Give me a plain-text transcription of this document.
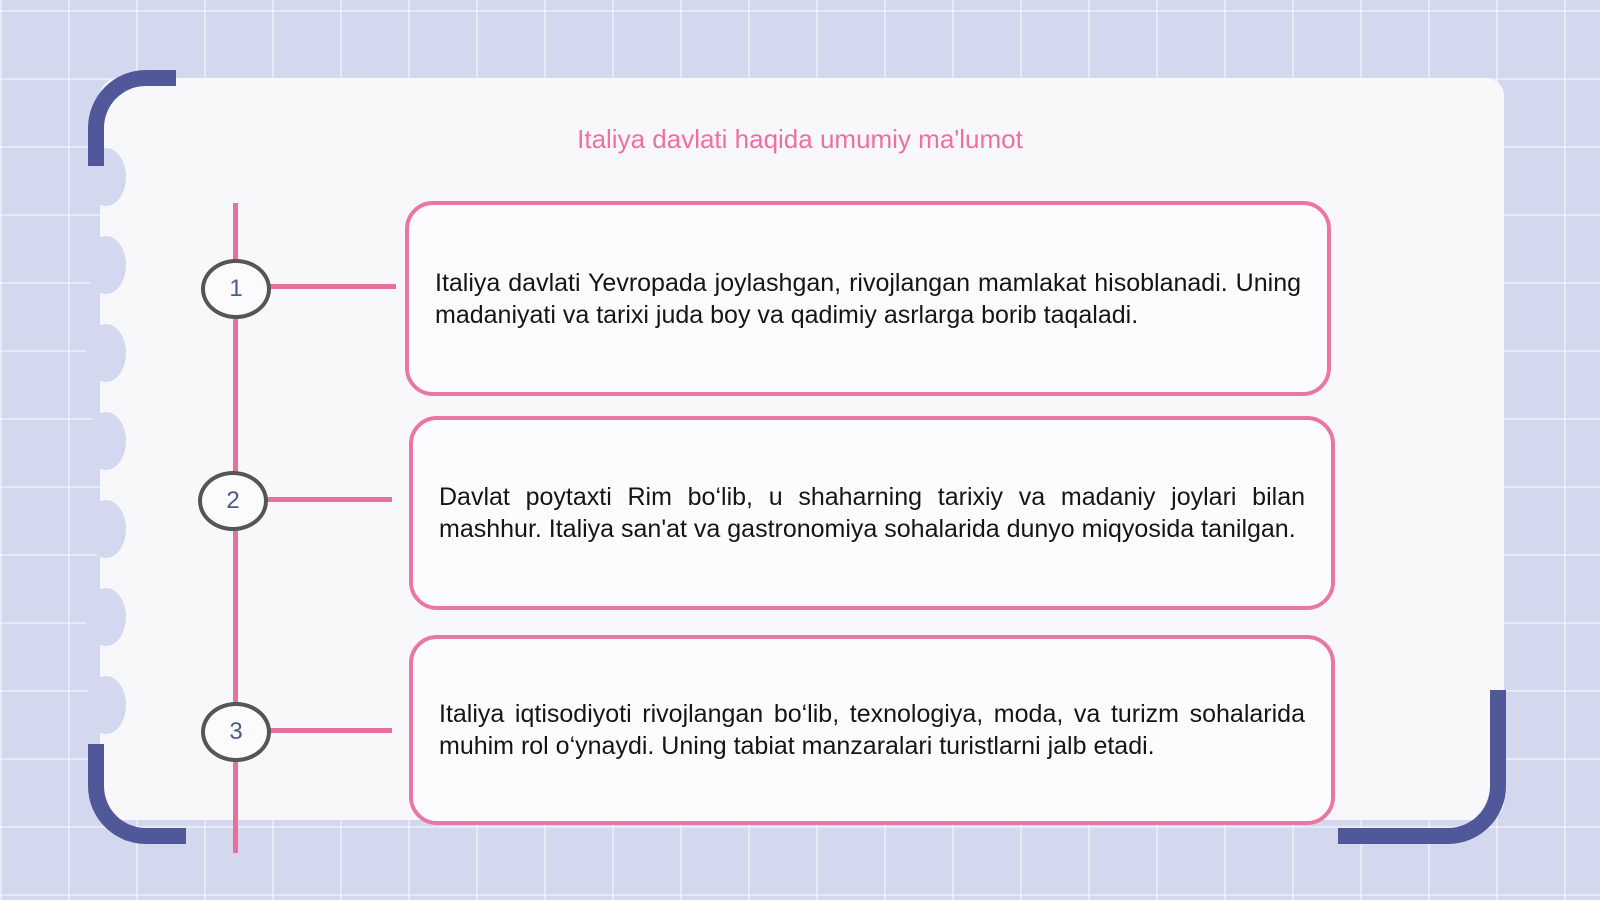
Italiya davlati haqida umumiy ma'lumot
1
2
3

Italiya davlati Yevropada joylashgan, rivojlangan mamlakat hisoblanadi. Uning madaniyati va tarixi juda boy va qadimiy asrlarga borib taqaladi.

Davlat poytaxti Rim bo‘lib, u shaharning tarixiy va madaniy joylari bilan mashhur. Italiya san'at va gastronomiya sohalarida dunyo miqyosida tanilgan.

Italiya iqtisodiyoti rivojlangan bo‘lib, texnologiya, moda, va turizm sohalarida muhim rol o‘ynaydi. Uning tabiat manzaralari turistlarni jalb etadi.
